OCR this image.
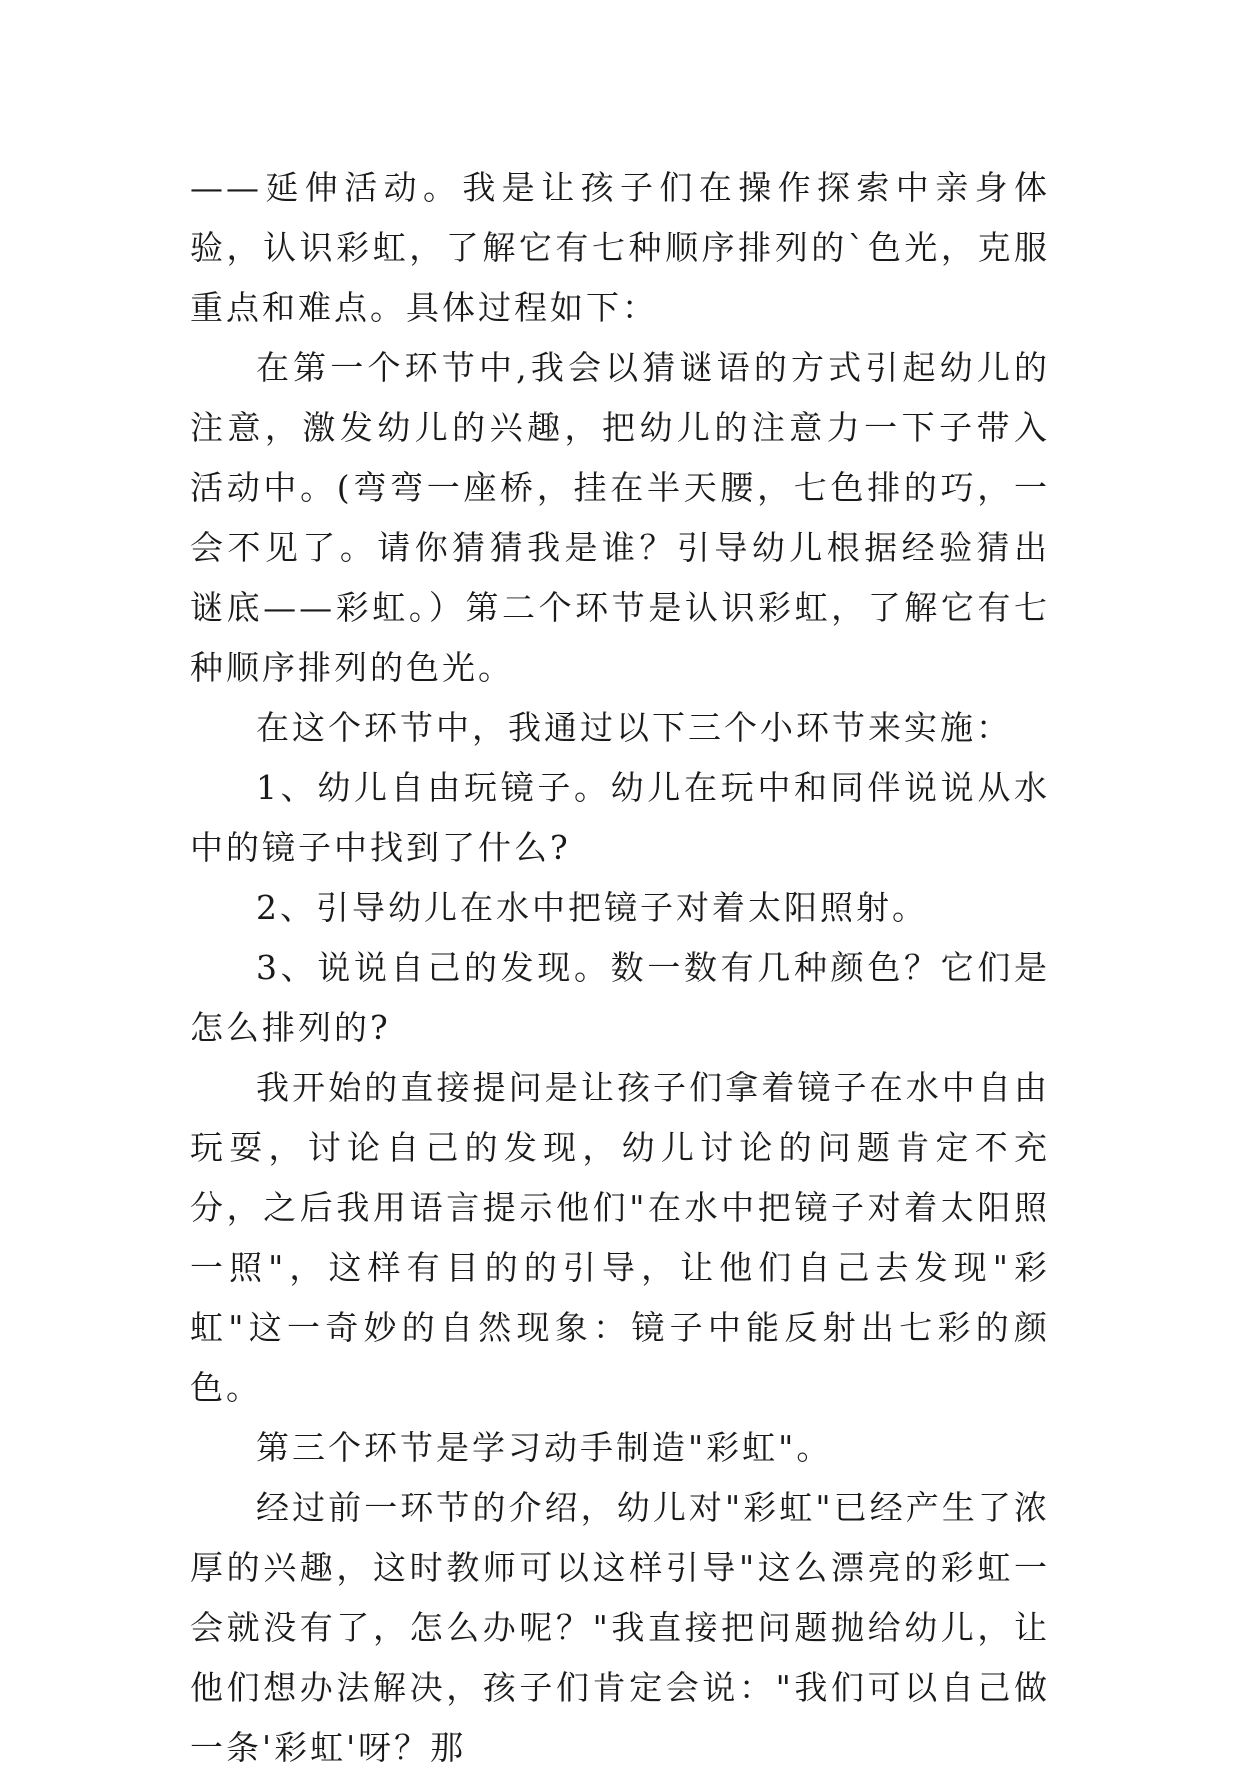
——延伸活动。我是让孩子们在操作探索中亲身体验，认识彩虹，了解它有七种顺序排列的`色光，克服重点和难点。具体过程如下：

在第一个环节中,我会以猜谜语的方式引起幼儿的注意，激发幼儿的兴趣，把幼儿的注意力一下子带入活动中。(弯弯一座桥，挂在半天腰，七色排的巧，一会不见了。请你猜猜我是谁？引导幼儿根据经验猜出谜底——彩虹。）第二个环节是认识彩虹，了解它有七种顺序排列的色光。

在这个环节中，我通过以下三个小环节来实施：

1、幼儿自由玩镜子。幼儿在玩中和同伴说说从水中的镜子中找到了什么?

2、引导幼儿在水中把镜子对着太阳照射。

3、说说自己的发现。数一数有几种颜色？它们是怎么排列的?

我开始的直接提问是让孩子们拿着镜子在水中自由玩耍，讨论自己的发现，幼儿讨论的问题肯定不充分，之后我用语言提示他们"在水中把镜子对着太阳照一照"，这样有目的的引导，让他们自己去发现"彩虹"这一奇妙的自然现象：镜子中能反射出七彩的颜色。

第三个环节是学习动手制造"彩虹"。

经过前一环节的介绍，幼儿对"彩虹"已经产生了浓厚的兴趣，这时教师可以这样引导"这么漂亮的彩虹一会就没有了，怎么办呢？"我直接把问题抛给幼儿，让他们想办法解决，孩子们肯定会说："我们可以自己做一条'彩虹'呀？那
